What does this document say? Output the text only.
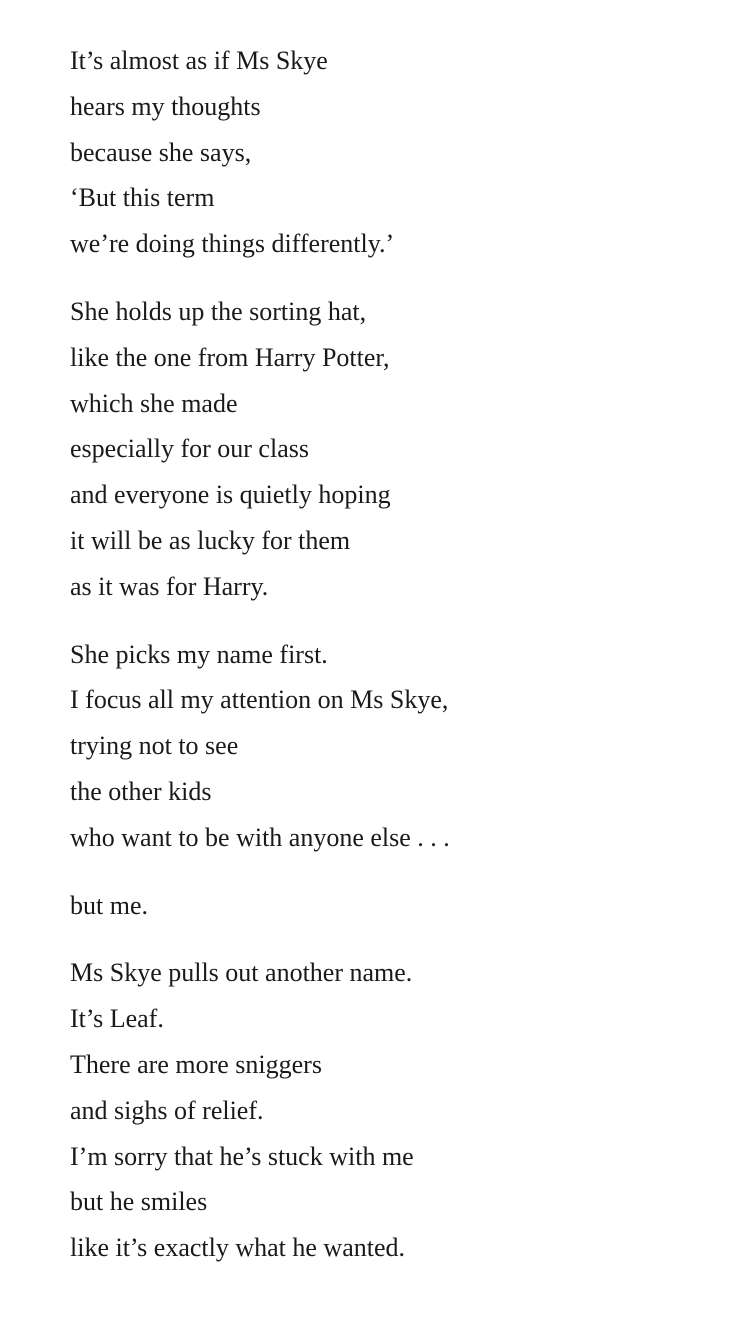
It’s almost as if Ms Skye
hears my thoughts
because she says,
‘But this term
we’re doing things differently.’
She holds up the sorting hat,
like the one from Harry Potter,
which she made
especially for our class
and everyone is quietly hoping
it will be as lucky for them
as it was for Harry.
She picks my name first.
I focus all my attention on Ms Skye,
trying not to see
the other kids
who want to be with anyone else . . .
but me.
Ms Skye pulls out another name.
It’s Leaf.
There are more sniggers
and sighs of relief.
I’m sorry that he’s stuck with me
but he smiles
like it’s exactly what he wanted.
